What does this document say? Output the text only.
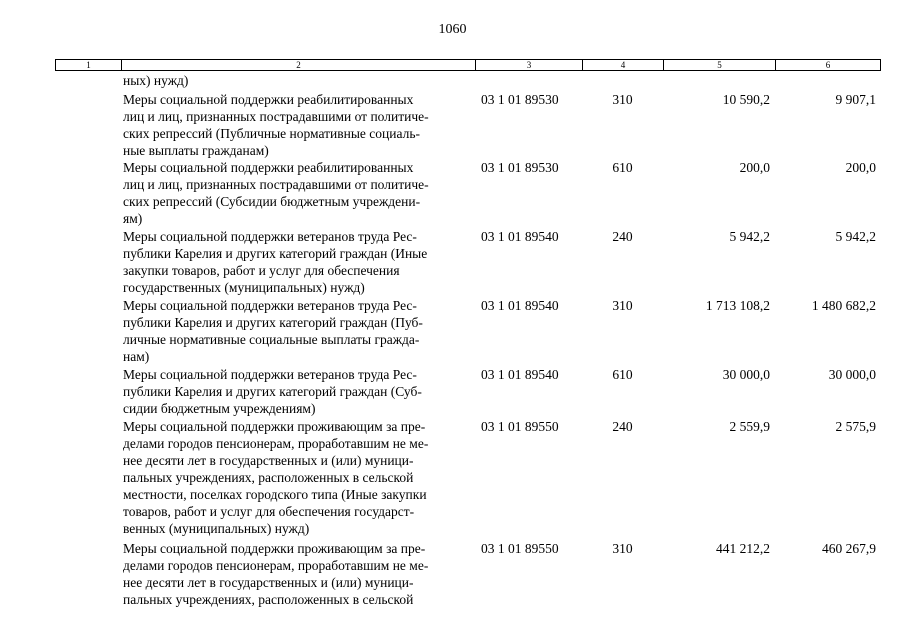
1060
1	2	3	4	5	6
ных) нужд)
Меры социальной поддержки реабилитированных
лиц и лиц, признанных пострадавшими от политиче-
ских репрессий (Публичные нормативные социаль-
ные выплаты гражданам)
03 1 01 89530	310	10 590,2	9 907,1
Меры социальной поддержки реабилитированных
лиц и лиц, признанных пострадавшими от политиче-
ских репрессий (Субсидии бюджетным учреждени-
ям)
03 1 01 89530	610	200,0	200,0
Меры социальной поддержки ветеранов труда Рес-
публики Карелия и других категорий граждан (Иные
закупки товаров, работ и услуг для обеспечения
государственных (муниципальных) нужд)
03 1 01 89540	240	5 942,2	5 942,2
Меры социальной поддержки ветеранов труда Рес-
публики Карелия и других категорий граждан (Пуб-
личные нормативные социальные выплаты гражда-
нам)
03 1 01 89540	310	1 713 108,2	1 480 682,2
Меры социальной поддержки ветеранов труда Рес-
публики Карелия и других категорий граждан (Суб-
сидии бюджетным учреждениям)
03 1 01 89540	610	30 000,0	30 000,0
Меры социальной поддержки проживающим за пре-
делами городов пенсионерам, проработавшим не ме-
нее десяти лет в государственных и (или) муници-
пальных учреждениях, расположенных в сельской
местности, поселках городского типа (Иные закупки
товаров, работ и услуг для обеспечения государст-
венных (муниципальных) нужд)
03 1 01 89550	240	2 559,9	2 575,9
Меры социальной поддержки проживающим за пре-
делами городов пенсионерам, проработавшим не ме-
нее десяти лет в государственных и (или) муници-
пальных учреждениях, расположенных в сельской
03 1 01 89550	310	441 212,2	460 267,9
